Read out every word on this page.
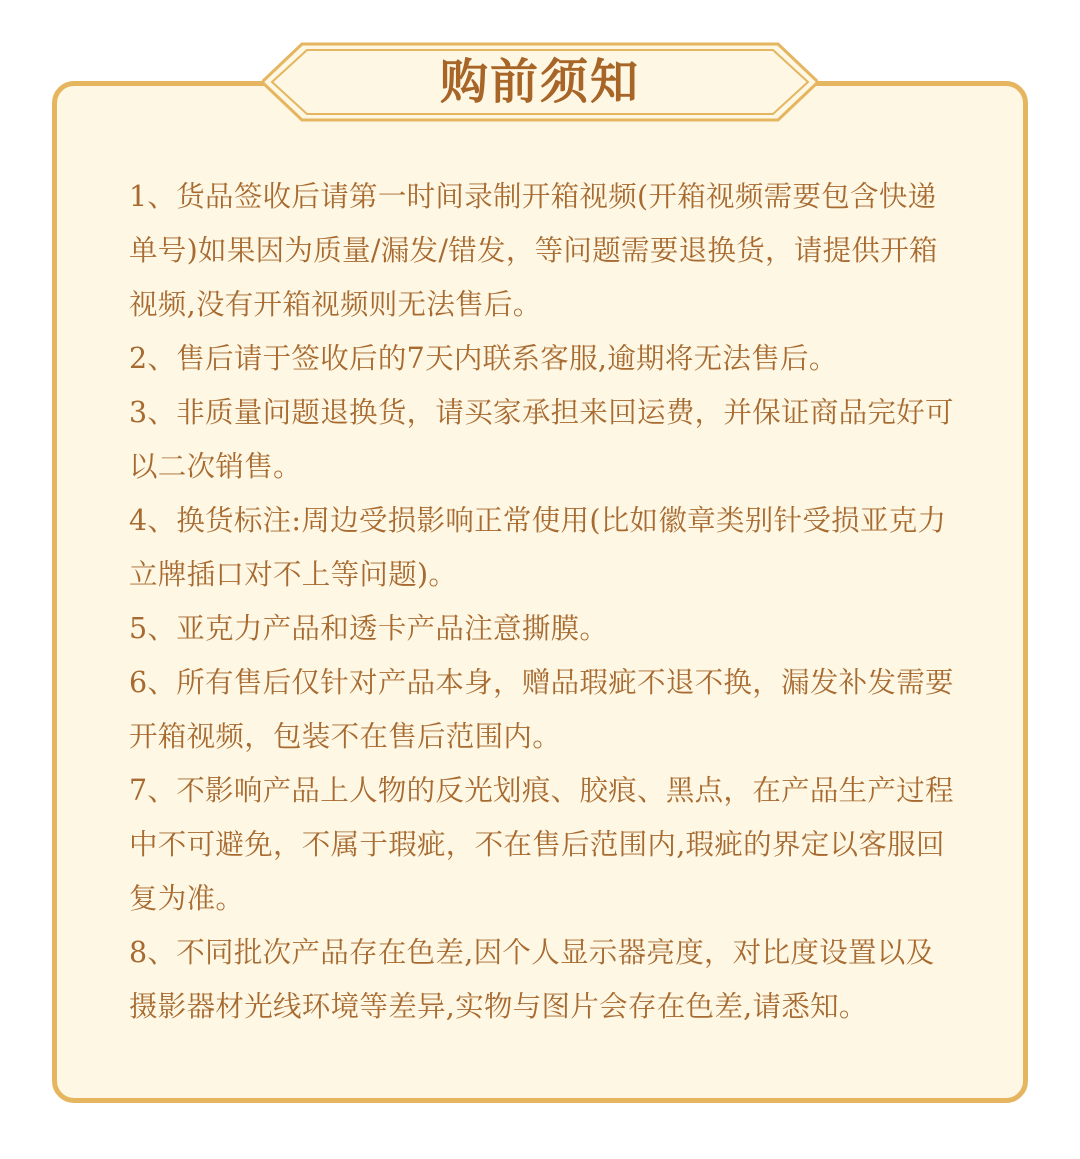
购前须知
1、货品签收后请第一时间录制开箱视频(开箱视频需要包含快递单号)如果因为质量/漏发/错发，等问题需要退换货，请提供开箱视频,没有开箱视频则无法售后。
2、售后请于签收后的7天内联系客服,逾期将无法售后。
3、非质量问题退换货，请买家承担来回运费，并保证商品完好可以二次销售。
4、换货标注:周边受损影响正常使用(比如徽章类别针受损亚克力立牌插口对不上等问题)。
5、亚克力产品和透卡产品注意撕膜。
6、所有售后仅针对产品本身，赠品瑕疵不退不换，漏发补发需要开箱视频，包装不在售后范围内。
7、不影响产品上人物的反光划痕、胶痕、黑点，在产品生产过程中不可避免，不属于瑕疵，不在售后范围内,瑕疵的界定以客服回复为准。
8、不同批次产品存在色差,因个人显示器亮度，对比度设置以及摄影器材光线环境等差异,实物与图片会存在色差,请悉知。
